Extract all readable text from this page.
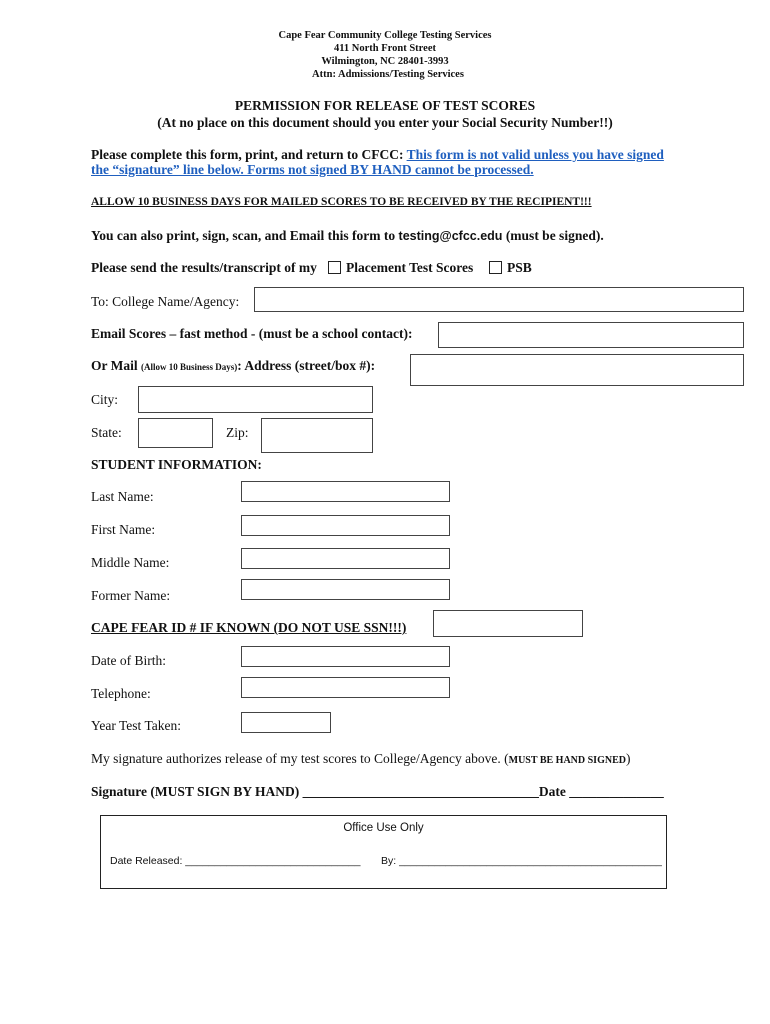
Cape Fear Community College Testing Services
411 North Front Street
Wilmington, NC 28401-3993
Attn: Admissions/Testing Services
PERMISSION FOR RELEASE OF TEST SCORES
(At no place on this document should you enter your Social Security Number!!)
Please complete this form, print, and return to CFCC: This form is not valid unless you have signed
the “signature” line below. Forms not signed BY HAND cannot be processed.
ALLOW 10 BUSINESS DAYS FOR MAILED SCORES TO BE RECEIVED BY THE RECIPIENT!!!
You can also print, sign, scan, and Email this form to testing@cfcc.edu (must be signed).
Please send the results/transcript of my Placement Test Scores	PSB
To: College Name/Agency:
Email Scores – fast method - (must be a school contact):
Or Mail (Allow 10 Business Days): Address (street/box #):
City:
State:	Zip:
STUDENT INFORMATION:
Last Name:
First Name:
Middle Name:
Former Name:
CAPE FEAR ID # IF KNOWN (DO NOT USE SSN!!!)
Date of Birth:
Telephone:
Year Test Taken:
My signature authorizes release of my test scores to College/Agency above. (MUST BE HAND SIGNED)
Signature (MUST SIGN BY HAND) ___________________________________Date ______________
Office Use Only
Date Released: ______________________________ By: _____________________________________________
